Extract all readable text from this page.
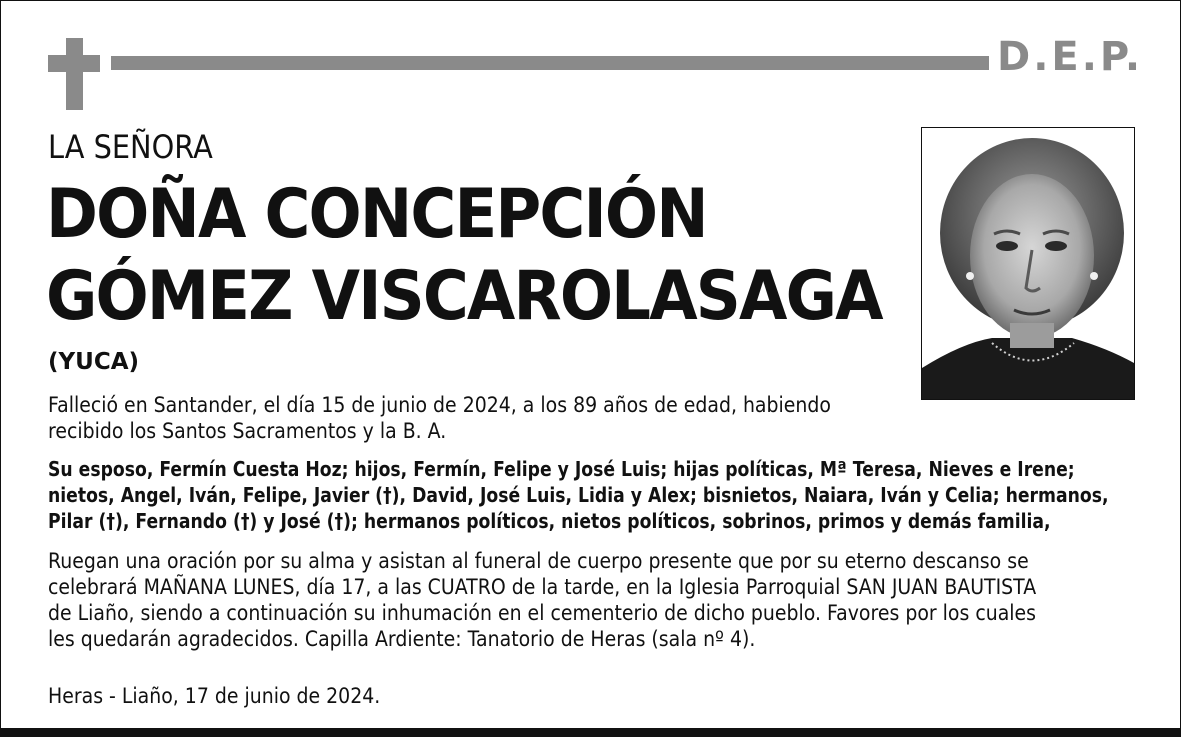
D.E.P.
LA SEÑORA
DOÑA CONCEPCIÓN
GÓMEZ VISCAROLASAGA
(YUCA)
Falleció en Santander, el día 15 de junio de 2024, a los 89 años de edad, habiendo
recibido los Santos Sacramentos y la B. A.
Su esposo, Fermín Cuesta Hoz; hijos, Fermín, Felipe y José Luis; hijas políticas, Mª Teresa, Nieves e Irene;
nietos, Angel, Iván, Felipe, Javier (†), David, José Luis, Lidia y Alex; bisnietos, Naiara, Iván y Celia; hermanos,
Pilar (†), Fernando (†) y José (†); hermanos políticos, nietos políticos, sobrinos, primos y demás familia,
Ruegan una oración por su alma y asistan al funeral de cuerpo presente que por su eterno descanso se
celebrará MAÑANA LUNES, día 17, a las CUATRO de la tarde, en la Iglesia Parroquial SAN JUAN BAUTISTA
de Liaño, siendo a continuación su inhumación en el cementerio de dicho pueblo. Favores por los cuales
les quedarán agradecidos. Capilla Ardiente: Tanatorio de Heras (sala nº 4).
Heras - Liaño, 17 de junio de 2024.
